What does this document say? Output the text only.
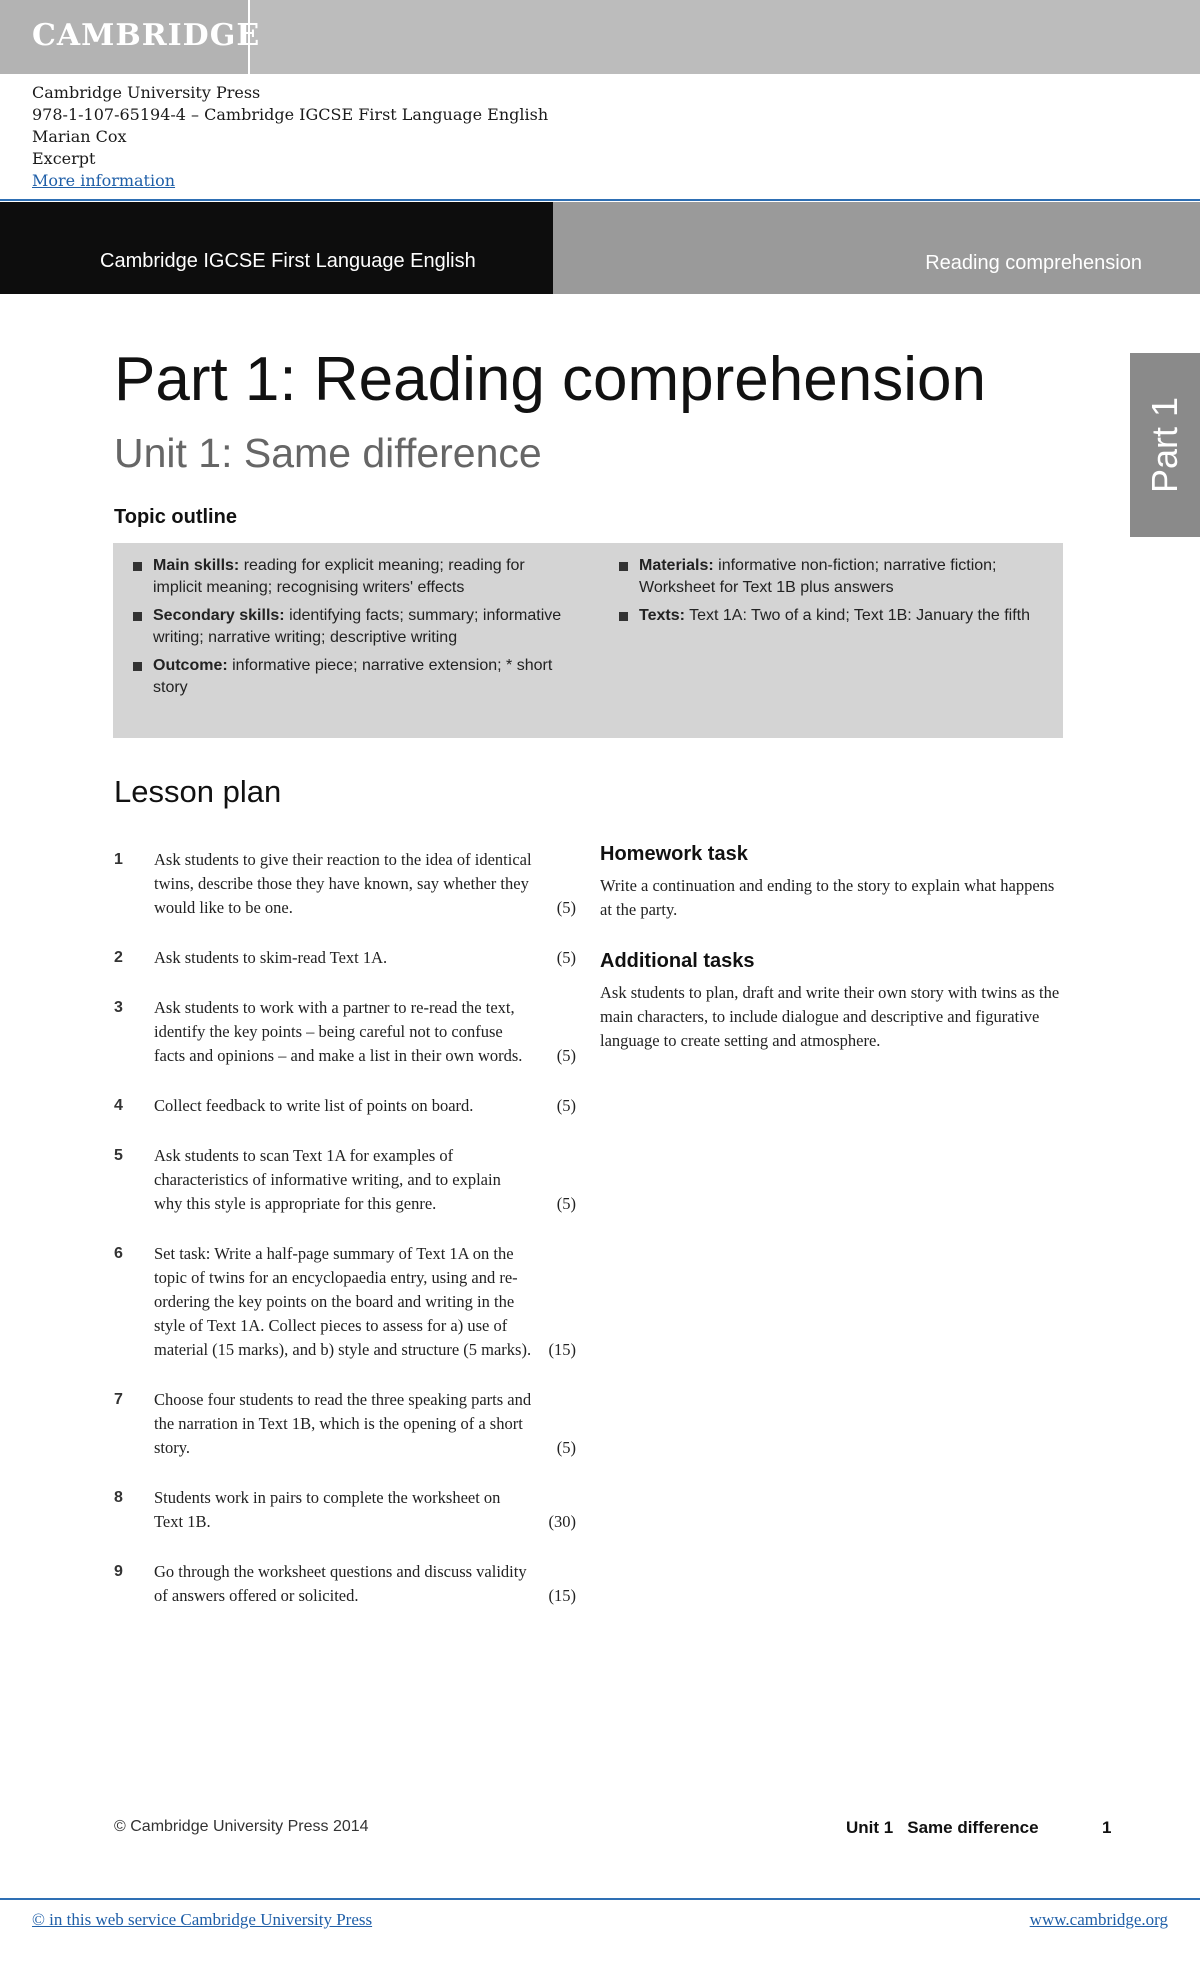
CAMBRIDGE
Cambridge University Press
978-1-107-65194-4 – Cambridge IGCSE First Language English
Marian Cox
Excerpt
More information
Cambridge IGCSE First Language English	Reading comprehension
Part 1
Part 1: Reading comprehension
Unit 1: Same difference
Topic outline
Main skills: reading for explicit meaning; reading for implicit meaning; recognising writers' effects
Secondary skills: identifying facts; summary; informative writing; narrative writing; descriptive writing
Outcome: informative piece; narrative extension; * short story
Materials: informative non-fiction; narrative fiction; Worksheet for Text 1B plus answers
Texts: Text 1A: Two of a kind; Text 1B: January the fifth
Lesson plan
1 Ask students to give their reaction to the idea of identical twins, describe those they have known, say whether they would like to be one.	(5)
2 Ask students to skim-read Text 1A.	(5)
3 Ask students to work with a partner to re-read the text, identify the key points – being careful not to confuse facts and opinions – and make a list in their own words. (5)
4 Collect feedback to write list of points on board.	(5)
5 Ask students to scan Text 1A for examples of characteristics of informative writing, and to explain why this style is appropriate for this genre.	(5)
6 Set task: Write a half-page summary of Text 1A on the topic of twins for an encyclopaedia entry, using and re-ordering the key points on the board and writing in the style of Text 1A. Collect pieces to assess for a) use of material (15 marks), and b) style and structure (5 marks). (15)
7 Choose four students to read the three speaking parts and the narration in Text 1B, which is the opening of a short story.	(5)
8 Students work in pairs to complete the worksheet on Text 1B.	(30)
9 Go through the worksheet questions and discuss validity of answers offered or solicited.	(15)
Homework task
Write a continuation and ending to the story to explain what happens at the party.
Additional tasks
Ask students to plan, draft and write their own story with twins as the main characters, to include dialogue and descriptive and figurative language to create setting and atmosphere.
© Cambridge University Press 2014	Unit 1 Same difference	1
© in this web service Cambridge University Press	www.cambridge.org
